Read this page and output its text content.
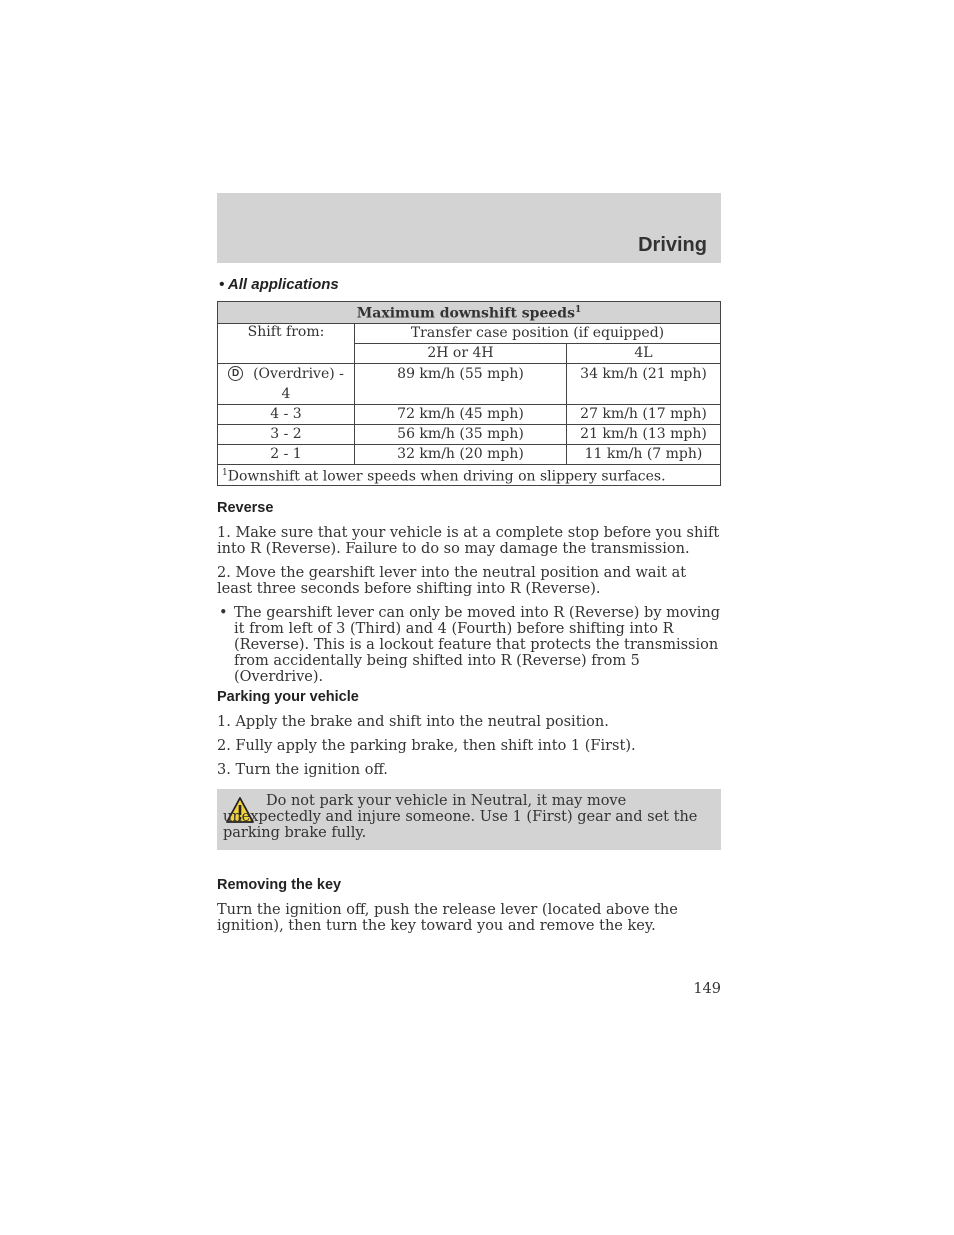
Driving
• All applications
Maximum downshift speeds$^1$
Shift from:	Transfer case position (if equipped)	
	2H or 4H	4L
D (Overdrive) - 4	89 km/h (55 mph)	34 km/h (21 mph)
4 - 3	72 km/h (45 mph)	27 km/h (17 mph)
3 - 2	56 km/h (35 mph)	21 km/h (13 mph)
2 - 1	32 km/h (20 mph)	11 km/h (7 mph)
$^1$Downshift at lower speeds when driving on slippery surfaces.		
Reverse
1. Make sure that your vehicle is at a complete stop before you shift into R (Reverse). Failure to do so may damage the transmission.
2. Move the gearshift lever into the neutral position and wait at least three seconds before shifting into R (Reverse).
• The gearshift lever can only be moved into R (Reverse) by moving it from left of 3 (Third) and 4 (Fourth) before shifting into R (Reverse). This is a lockout feature that protects the transmission from accidentally being shifted into R (Reverse) from 5 (Overdrive).
Parking your vehicle
1. Apply the brake and shift into the neutral position.
2. Fully apply the parking brake, then shift into 1 (First).
3. Turn the ignition off.
Do not park your vehicle in Neutral, it may move unexpectedly and injure someone. Use 1 (First) gear and set the parking brake fully.
Removing the key
Turn the ignition off, push the release lever (located above the ignition), then turn the key toward you and remove the key.
149
